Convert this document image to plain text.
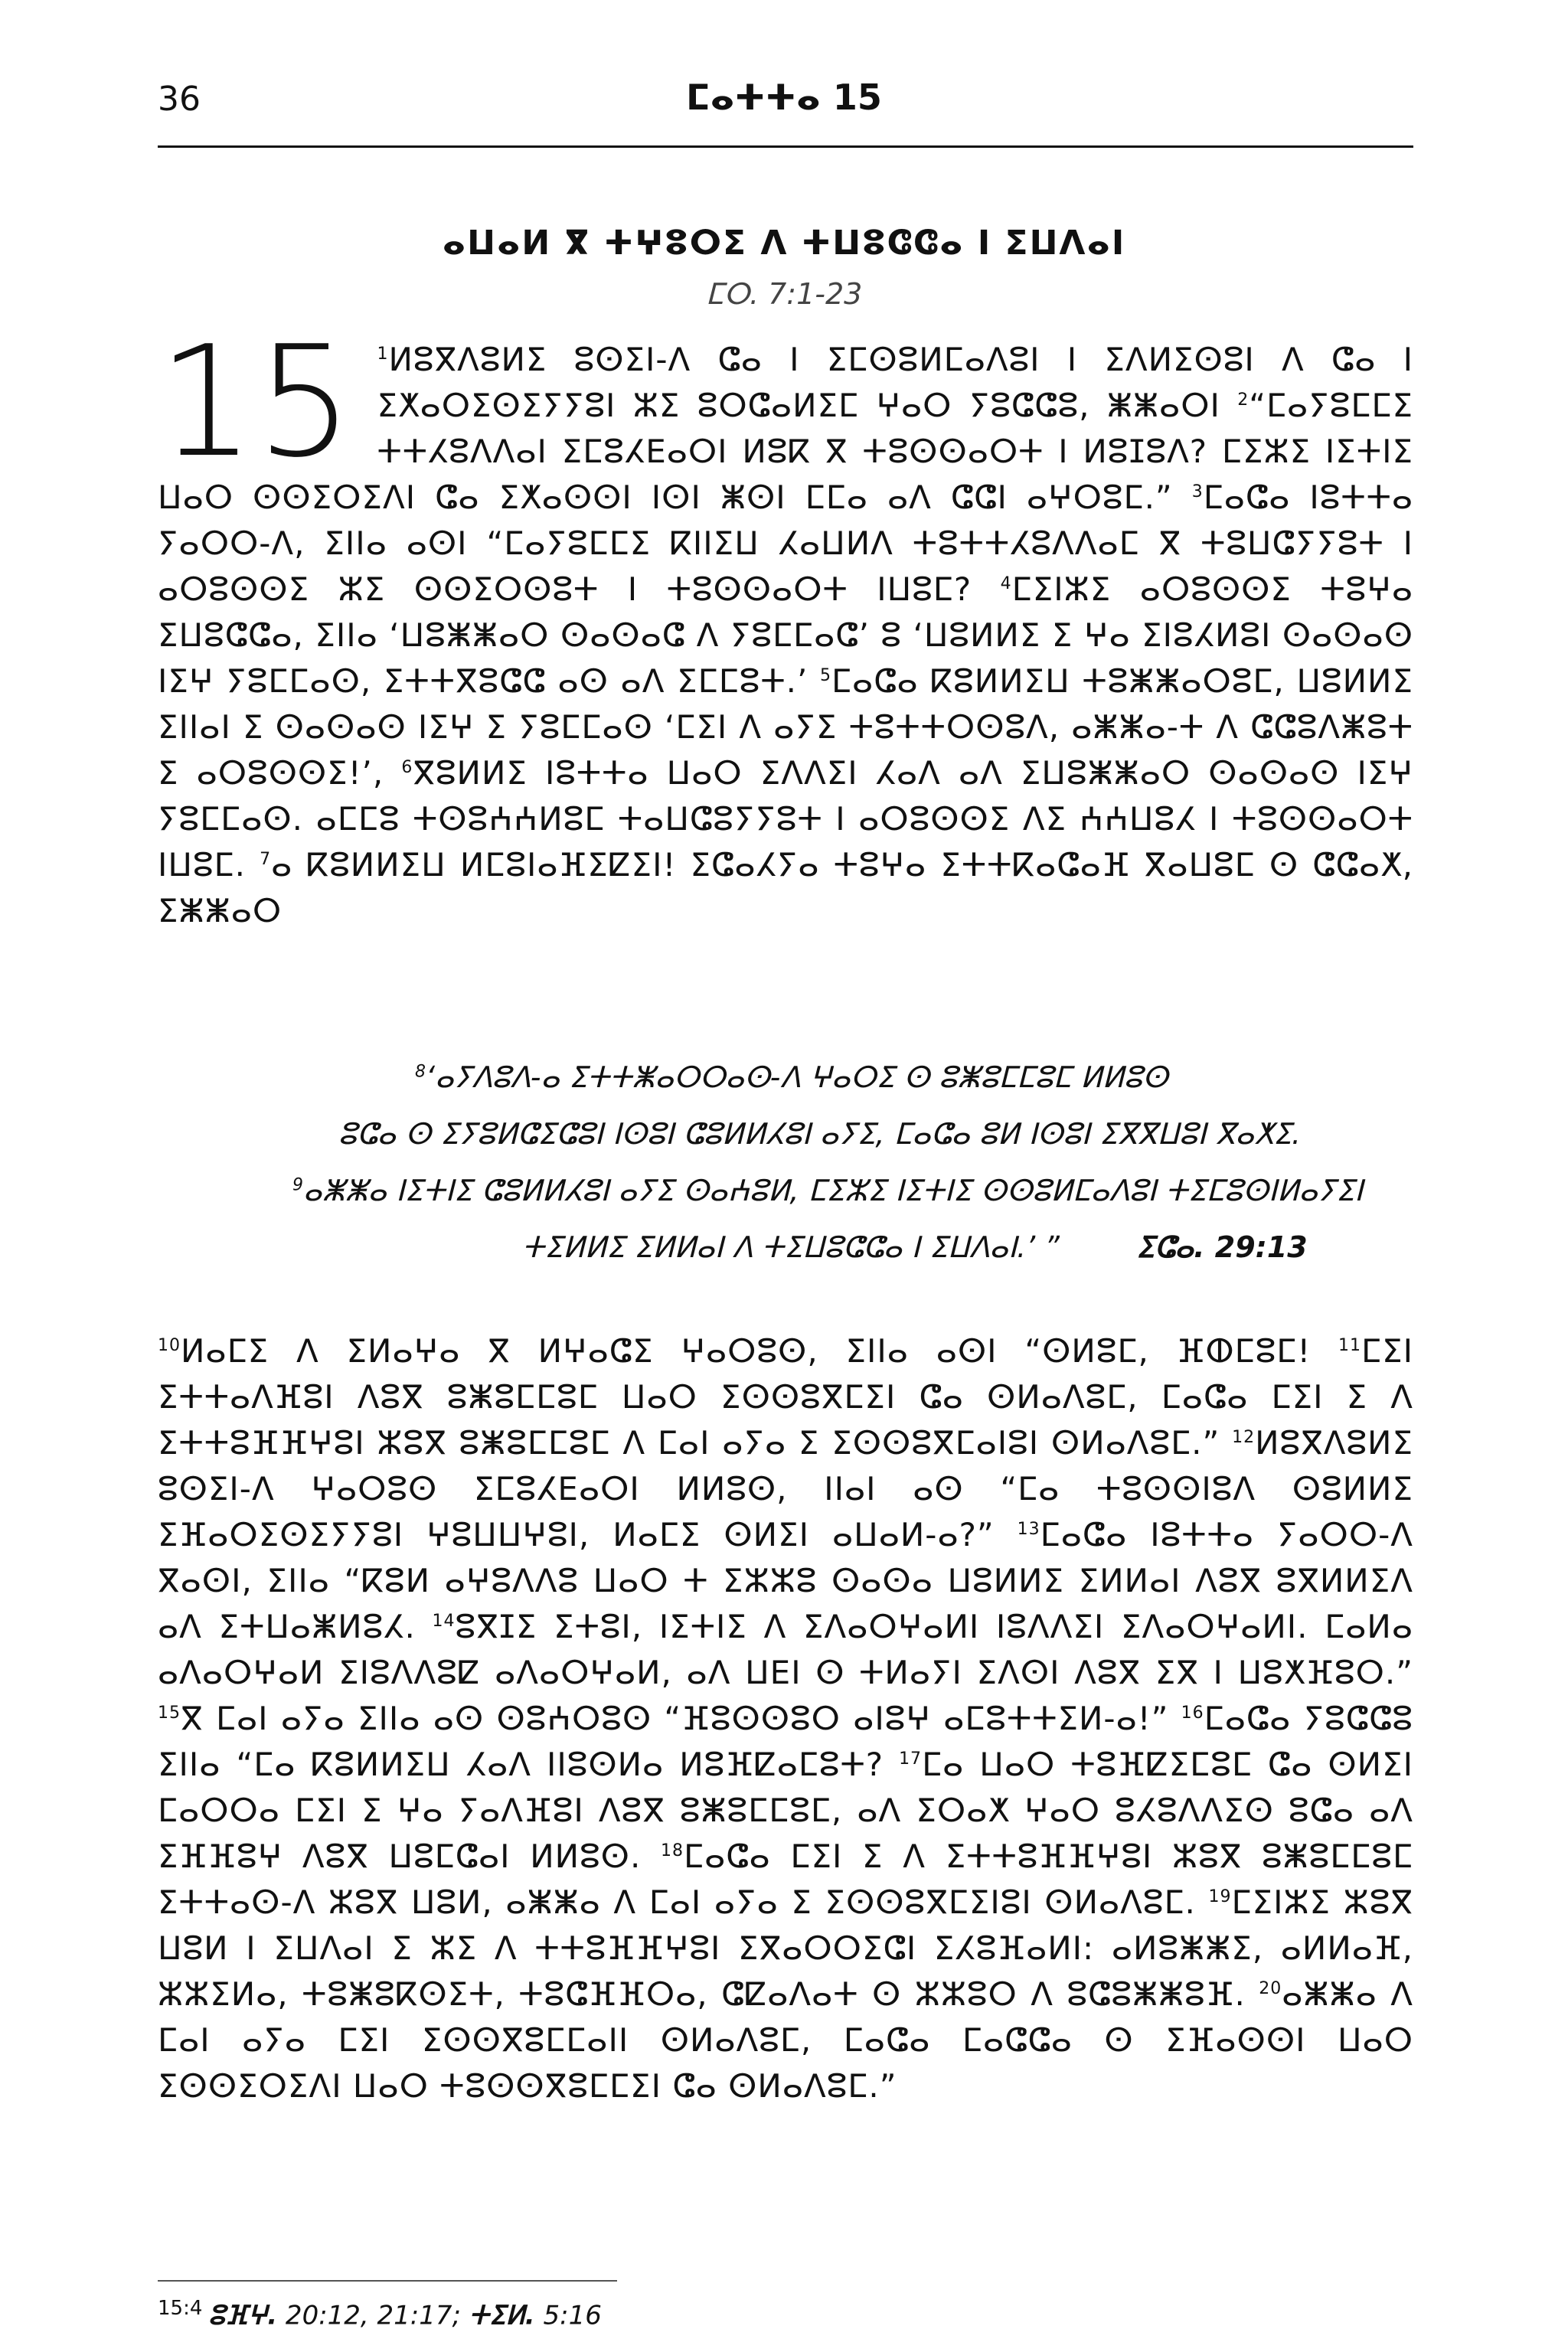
36	ⵎⴰⵜⵜⴰ 15
ⴰⵡⴰⵍ ⴳ ⵜⵖⵓⵔⵉ ⴷ ⵜⵡⵓⵛⵛⴰ ⵏ ⵉⵡⴷⴰⵏ
ⵎⵔ. 7:1-23
15 $^1$ⵍⵓⴳⴷⵓⵍⵉ ⵓⵙⵉⵏ-ⴷ ⵛⴰ ⵏ ⵉⵎⵙⵓⵍⵎⴰⴷⵓⵏ ⵏ ⵉⴷⵍⵉⵙⵓⵏ ⴷ ⵛⴰ ⵏ ⵉⵅⴰⵔⵉⵙⵉⵢⵢⵓⵏ ⵣⵉ ⵓⵔⵛⴰⵍⵉⵎ ⵖⴰⵔ ⵢⵓⵛⵛⵓ, ⵥⵥⴰⵔⵏ $^2$“ⵎⴰⵢⵓⵎⵎⵉ ⵜⵜⵃⵓⴷⴷⴰⵏ ⵉⵎⵓⵃⴹⴰⵔⵏ ⵍⵓⴽ ⴳ ⵜⵓⵙⵙⴰⵔⵜ ⵏ ⵍⵓⵊⵓⴷ? ⵎⵉⵣⵉ ⵏⵉⵜⵏⵉ ⵡⴰⵔ ⵙⵙⵉⵔⵉⴷⵏ ⵛⴰ ⵉⵅⴰⵙⵙⵏ ⵏⵙⵏ ⵥⵙⵏ ⵎⵎⴰ ⴰⴷ ⵛⵛⵏ ⴰⵖⵔⵓⵎ.” $^3$ⵎⴰⵛⴰ ⵏⵓⵜⵜⴰ ⵢⴰⵔⵔ-ⴷ, ⵉⵏⵏⴰ ⴰⵙⵏ “ⵎⴰⵢⵓⵎⵎⵉ ⴽⵏⵏⵉⵡ ⵃⴰⵡⵍⴷ ⵜⵓⵜⵜⵃⵓⴷⴷⴰⵎ ⴳ ⵜⵓⵡⵛⵢⵢⵓⵜ ⵏ ⴰⵔⵓⵙⵙⵉ ⵣⵉ ⵙⵙⵉⵔⵙⵓⵜ ⵏ ⵜⵓⵙⵙⴰⵔⵜ ⵏⵡⵓⵎ? $^4$ⵎⵉⵏⵣⵉ ⴰⵔⵓⵙⵙⵉ ⵜⵓⵖⴰ ⵉⵡⵓⵛⵛⴰ, ⵉⵏⵏⴰ ‘ⵡⵓⵥⵥⴰⵔ ⵙⴰⵙⴰⵛ ⴷ ⵢⵓⵎⵎⴰⵛ’ ⵓ ‘ⵡⵓⵍⵍⵉ ⵉ ⵖⴰ ⵉⵏⵓⵃⵍⵓⵏ ⵙⴰⵙⴰⵙ ⵏⵉⵖ ⵢⵓⵎⵎⴰⵙ, ⵉⵜⵜⴳⵓⵛⵛ ⴰⵙ ⴰⴷ ⵉⵎⵎⵓⵜ.’ $^5$ⵎⴰⵛⴰ ⴽⵓⵍⵍⵉⵡ ⵜⵓⵥⵥⴰⵔⵓⵎ, ⵡⵓⵍⵍⵉ ⵉⵏⵏⴰⵏ ⵉ ⵙⴰⵙⴰⵙ ⵏⵉⵖ ⵉ ⵢⵓⵎⵎⴰⵙ ‘ⵎⵉⵏ ⴷ ⴰⵢⵉ ⵜⵓⵜⵜⵔⵙⵓⴷ, ⴰⵥⵥⴰ-ⵜ ⴷ ⵛⵛⵓⴷⵥⵓⵜ ⵉ ⴰⵔⵓⵙⵙⵉ!’, $^6$ⴳⵓⵍⵍⵉ ⵏⵓⵜⵜⴰ ⵡⴰⵔ ⵉⴷⴷⵉⵏ ⵃⴰⴷ ⴰⴷ ⵉⵡⵓⵥⵥⴰⵔ ⵙⴰⵙⴰⵙ ⵏⵉⵖ ⵢⵓⵎⵎⴰⵙ. ⴰⵎⵎⵓ ⵜⵙⵓⵄⵄⵍⵓⵎ ⵜⴰⵡⵛⵓⵢⵢⵓⵜ ⵏ ⴰⵔⵓⵙⵙⵉ ⴷⵉ ⵄⵄⵡⵓⵃ ⵏ ⵜⵓⵙⵙⴰⵔⵜ ⵏⵡⵓⵎ. $^7$ⴰ ⴽⵓⵍⵍⵉⵡ ⵍⵎⵓⵏⴰⴼⵉⵇⵉⵏ! ⵉⵛⴰⵃⵢⴰ ⵜⵓⵖⴰ ⵉⵜⵜⴽⴰⵛⴰⴼ ⴳⴰⵡⵓⵎ ⵙ ⵛⵛⴰⵅ, ⵉⵥⵥⴰⵔ
$^8$‘ⴰⵢⴷⵓⴷ-ⴰ ⵉⵜⵜⵥⴰⵔⵔⴰⵙ-ⴷ ⵖⴰⵔⵉ ⵙ ⵓⵥⵓⵎⵎⵓⵎ ⵍⵍⵓⵙ
ⵓⵛⴰ ⵙ ⵉⵢⵓⵍⵛⵉⵛⵓⵏ ⵏⵙⵓⵏ ⵛⵓⵍⵍⵃⵓⵏ ⴰⵢⵉ, ⵎⴰⵛⴰ ⵓⵍ ⵏⵙⵓⵏ ⵉⴳⴳⵡⵓⵏ ⴳⴰⵅⵉ.
$^9$ⴰⵥⵥⴰ ⵏⵉⵜⵏⵉ ⵛⵓⵍⵍⵃⵓⵏ ⴰⵢⵉ ⵙⴰⵄⵓⵍ, ⵎⵉⵣⵉ ⵏⵉⵜⵏⵉ ⵙⵙⵓⵍⵎⴰⴷⵓⵏ ⵜⵉⵎⵓⵙⵏⵍⴰⵢⵉⵏ
ⵜⵉⵍⵍⵉ ⵉⵍⵍⴰⵏ ⴷ ⵜⵉⵡⵓⵛⵛⴰ ⵏ ⵉⵡⴷⴰⵏ.’ ”	ⵉⵛⴰ. 29:13
$^{10}$ⵍⴰⵎⵉ ⴷ ⵉⵍⴰⵖⴰ ⴳ ⵍⵖⴰⵛⵉ ⵖⴰⵔⵓⵙ, ⵉⵏⵏⴰ ⴰⵙⵏ “ⵙⵍⵓⵎ, ⴼⵀⵎⵓⵎ! $^{11}$ⵎⵉⵏ ⵉⵜⵜⴰⴷⴼⵓⵏ ⴷⵓⴳ ⵓⵥⵓⵎⵎⵓⵎ ⵡⴰⵔ ⵉⵙⵙⵓⴳⵎⵉⵏ ⵛⴰ ⵙⵍⴰⴷⵓⵎ, ⵎⴰⵛⴰ ⵎⵉⵏ ⵉ ⴷ ⵉⵜⵜⵓⴼⴼⵖⵓⵏ ⵣⵓⴳ ⵓⵥⵓⵎⵎⵓⵎ ⴷ ⵎⴰⵏ ⴰⵢⴰ ⵉ ⵉⵙⵙⵓⴳⵎⴰⵏⵓⵏ ⵙⵍⴰⴷⵓⵎ.” $^{12}$ⵍⵓⴳⴷⵓⵍⵉ ⵓⵙⵉⵏ-ⴷ ⵖⴰⵔⵓⵙ ⵉⵎⵓⵃⴹⴰⵔⵏ ⵍⵍⵓⵙ, ⵏⵏⴰⵏ ⴰⵙ “ⵎⴰ ⵜⵓⵙⵙⵏⵓⴷ ⵙⵓⵍⵍⵉ ⵉⴼⴰⵔⵉⵙⵉⵢⵢⵓⵏ ⵖⵓⵡⵡⵖⵓⵏ, ⵍⴰⵎⵉ ⵙⵍⵉⵏ ⴰⵡⴰⵍ-ⴰ?” $^{13}$ⵎⴰⵛⴰ ⵏⵓⵜⵜⴰ ⵢⴰⵔⵔ-ⴷ ⴳⴰⵙⵏ, ⵉⵏⵏⴰ “ⴽⵓⵍ ⴰⵖⵓⴷⴷⵓ ⵡⴰⵔ ⵜ ⵉⵣⵣⵓ ⵙⴰⵙⴰ ⵡⵓⵍⵍⵉ ⵉⵍⵍⴰⵏ ⴷⵓⴳ ⵓⴳⵍⵍⵉⴷ ⴰⴷ ⵉⵜⵡⴰⵥⵍⵓⵃ. $^{14}$ⵓⴳⵊⵉ ⵉⵜⵓⵏ, ⵏⵉⵜⵏⵉ ⴷ ⵉⴷⴰⵔⵖⴰⵍⵏ ⵏⵓⴷⴷⵉⵏ ⵉⴷⴰⵔⵖⴰⵍⵏ. ⵎⴰⵍⴰ ⴰⴷⴰⵔⵖⴰⵍ ⵉⵏⵓⴷⴷⵓⵇ ⴰⴷⴰⵔⵖⴰⵍ, ⴰⴷ ⵡⴹⵏ ⵙ ⵜⵍⴰⵢⵏ ⵉⴷⵙⵏ ⴷⵓⴳ ⵉⴳ ⵏ ⵡⵓⵅⴼⵓⵔ.” $^{15}$ⴳ ⵎⴰⵏ ⴰⵢⴰ ⵉⵏⵏⴰ ⴰⵙ ⵙⵓⵄⵔⵓⵙ “ⴼⵓⵙⵙⵓⵔ ⴰⵏⵓⵖ ⴰⵎⵓⵜⵜⵉⵍ-ⴰ!” $^{16}$ⵎⴰⵛⴰ ⵢⵓⵛⵛⵓ ⵉⵏⵏⴰ “ⵎⴰ ⴽⵓⵍⵍⵉⵡ ⵃⴰⴷ ⵏⵏⵓⵙⵍⴰ ⵍⵓⴼⵇⴰⵎⵓⵜ? $^{17}$ⵎⴰ ⵡⴰⵔ ⵜⵓⴼⵇⵉⵎⵓⵎ ⵛⴰ ⵙⵍⵉⵏ ⵎⴰⵔⵔⴰ ⵎⵉⵏ ⵉ ⵖⴰ ⵢⴰⴷⴼⵓⵏ ⴷⵓⴳ ⵓⵥⵓⵎⵎⵓⵎ, ⴰⴷ ⵉⵔⴰⵅ ⵖⴰⵔ ⵓⵃⵓⴷⴷⵉⵙ ⵓⵛⴰ ⴰⴷ ⵉⴼⴼⵓⵖ ⴷⵓⴳ ⵡⵓⵎⵛⴰⵏ ⵍⵍⵓⵙ. $^{18}$ⵎⴰⵛⴰ ⵎⵉⵏ ⵉ ⴷ ⵉⵜⵜⵓⴼⴼⵖⵓⵏ ⵣⵓⴳ ⵓⵥⵓⵎⵎⵓⵎ ⵉⵜⵜⴰⵙ-ⴷ ⵣⵓⴳ ⵡⵓⵍ, ⴰⵥⵥⴰ ⴷ ⵎⴰⵏ ⴰⵢⴰ ⵉ ⵉⵙⵙⵓⴳⵎⵉⵏⵓⵏ ⵙⵍⴰⴷⵓⵎ. $^{19}$ⵎⵉⵏⵣⵉ ⵣⵓⴳ ⵡⵓⵍ ⵏ ⵉⵡⴷⴰⵏ ⵉ ⵣⵉ ⴷ ⵜⵜⵓⴼⴼⵖⵓⵏ ⵉⴳⴰⵔⵔⵉⵛⵏ ⵉⵃⵓⴼⴰⵍⵏ: ⴰⵍⵓⵥⵥⵉ, ⴰⵍⵍⴰⴼ, ⵣⵣⵉⵍⴰ, ⵜⵓⵥⵓⴽⵙⵉⵜ, ⵜⵓⵛⴼⴼⵔⴰ, ⵛⵇⴰⴷⴰⵜ ⵙ ⵣⵣⵓⵔ ⴷ ⵓⵛⵓⵥⵥⵓⴼ. $^{20}$ⴰⵥⵥⴰ ⴷ ⵎⴰⵏ ⴰⵢⴰ ⵎⵉⵏ ⵉⵙⵙⴳⵓⵎⵎⴰⵏⵏ ⵙⵍⴰⴷⵓⵎ, ⵎⴰⵛⴰ ⵎⴰⵛⵛⴰ ⵙ ⵉⴼⴰⵙⵙⵏ ⵡⴰⵔ ⵉⵙⵙⵉⵔⵉⴷⵏ ⵡⴰⵔ ⵜⵓⵙⵙⴳⵓⵎⵎⵉⵏ ⵛⴰ ⵙⵍⴰⴷⵓⵎ.”
$^{15:4}$ ⵓⴼⵖ. 20:12, 21:17; ⵜⵉⵍ. 5:16
